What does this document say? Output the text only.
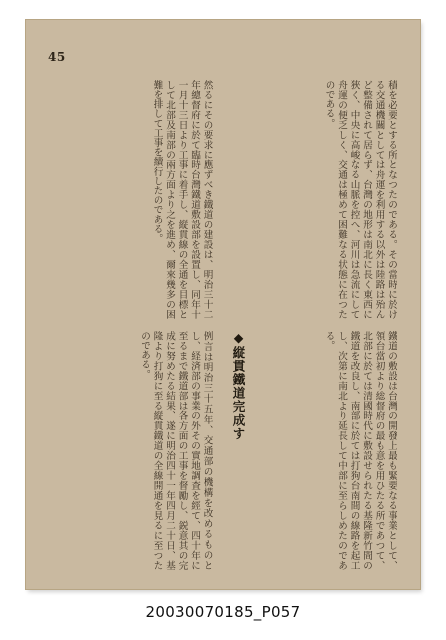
45
積を必要とする所となつたのである。その當時に於ける交通機關としては舟運を利用する以外は陸路は殆んど整備されて居らず、台灣の地形は南北に長く東西に狹く、中央に高峻なる山脈を控へ、河川は急流にして舟運の便乏しく、交通は極めて困難なる状態に在つたのである。
然るにその要求に應ずべき鐵道の建設は、明治三十二年總督府に於て臨時台灣鐵道敷設部を設置し、同年十一月十三日より工事に着手し、縦貫線の全通を目標として北部及南部の兩方面より之を進め、爾來幾多の困難を排して工事を續行したのである。
鐵道の敷設は台灣の開發上最も緊要なる事業として、領台當初より総督府の最も意を用ひたる所であつて、北部に於ては清國時代に敷設せられたる基隆新竹間の鐵道を改良し、南部に於ては打狗台南間の線路を起工し、次第に南北より延長して中部に至らしめたのである。
例言は明治三十五年、交通部の機構を改めるものとし、経済部の事業の外その實地調査を經て、四十年に至るまで鐵道部は各方面の工事を督勵し、鋭意其の完成に努めたる結果、遂に明治四十一年四月二十日、基隆より打狗に至る縦貫鐵道の全線開通を見るに至つたのである。	◆縦貫鐵道完成す
20030070185_P057
